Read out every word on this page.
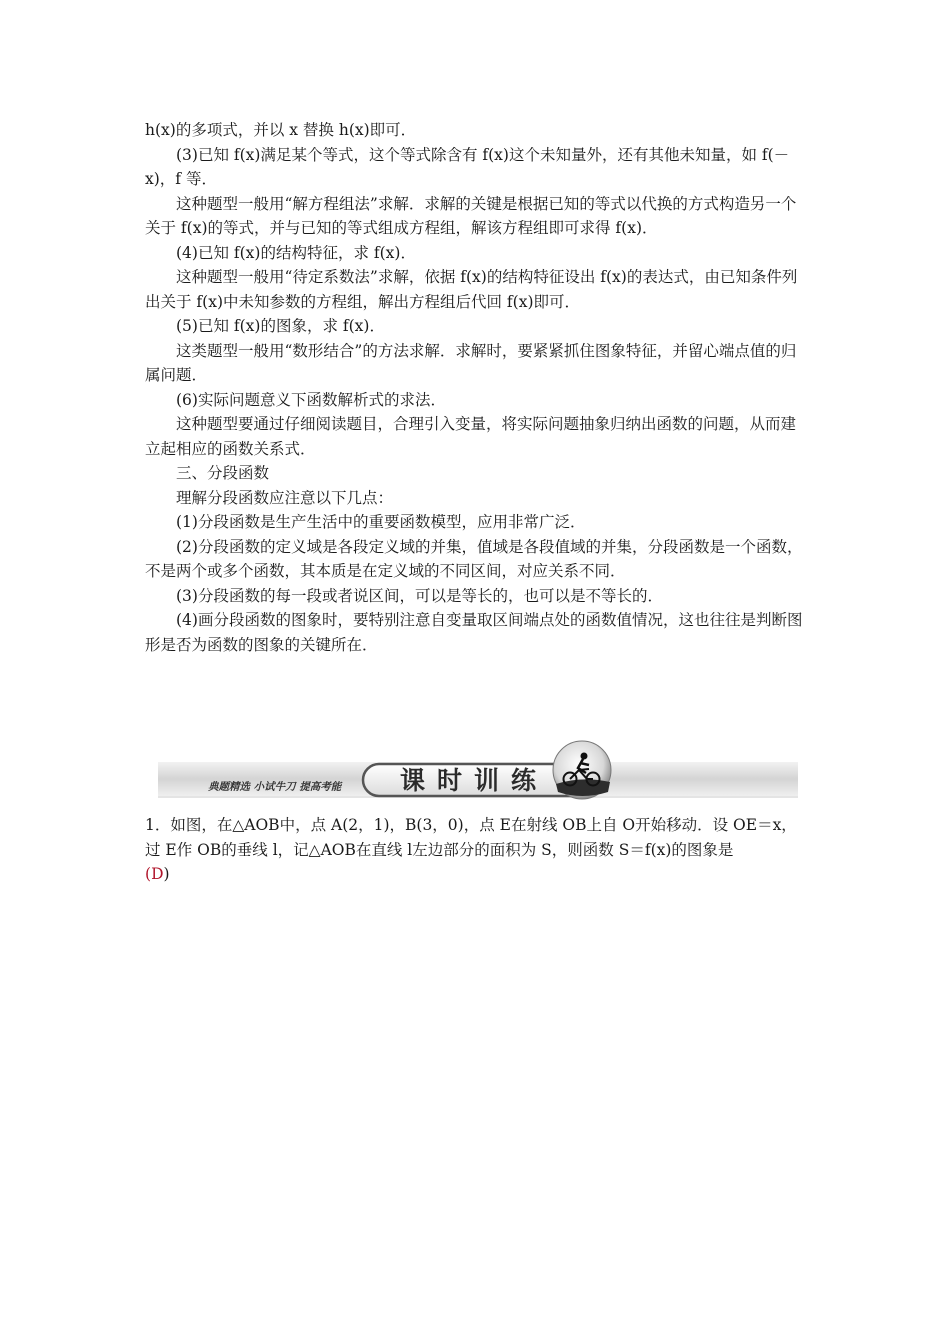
h(x)的多项式，并以 x 替换 h(x)即可．

(3)已知 f(x)满足某个等式，这个等式除含有 f(x)这个未知量外，还有其他未知量，如 f(－x)，f 等．

这种题型一般用“解方程组法”求解．求解的关键是根据已知的等式以代换的方式构造另一个关于 f(x)的等式，并与已知的等式组成方程组，解该方程组即可求得 f(x)．

(4)已知 f(x)的结构特征，求 f(x)．

这种题型一般用“待定系数法”求解，依据 f(x)的结构特征设出 f(x)的表达式，由已知条件列出关于 f(x)中未知参数的方程组，解出方程组后代回 f(x)即可．

(5)已知 f(x)的图象，求 f(x)．

这类题型一般用“数形结合”的方法求解．求解时，要紧紧抓住图象特征，并留心端点值的归属问题．

(6)实际问题意义下函数解析式的求法．

这种题型要通过仔细阅读题目，合理引入变量，将实际问题抽象归纳出函数的问题，从而建立起相应的函数关系式．

三、分段函数

理解分段函数应注意以下几点：

(1)分段函数是生产生活中的重要函数模型，应用非常广泛．

(2)分段函数的定义域是各段定义域的并集，值域是各段值域的并集，分段函数是一个函数，不是两个或多个函数，其本质是在定义域的不同区间，对应关系不同．

(3)分段函数的每一段或者说区间，可以是等长的，也可以是不等长的．

(4)画分段函数的图象时，要特别注意自变量取区间端点处的函数值情况，这也往往是判断图形是否为函数的图象的关键所在．

典题精选 小试牛刀 提高考能 课时训练
1．如图，在△AOB中，点 A(2，1)，B(3，0)，点 E在射线 OB上自 O开始移动．设 OE＝x，过 E作 OB的垂线 l，记△AOB在直线 l左边部分的面积为 S，则函数 S＝f(x)的图象是
(D)
